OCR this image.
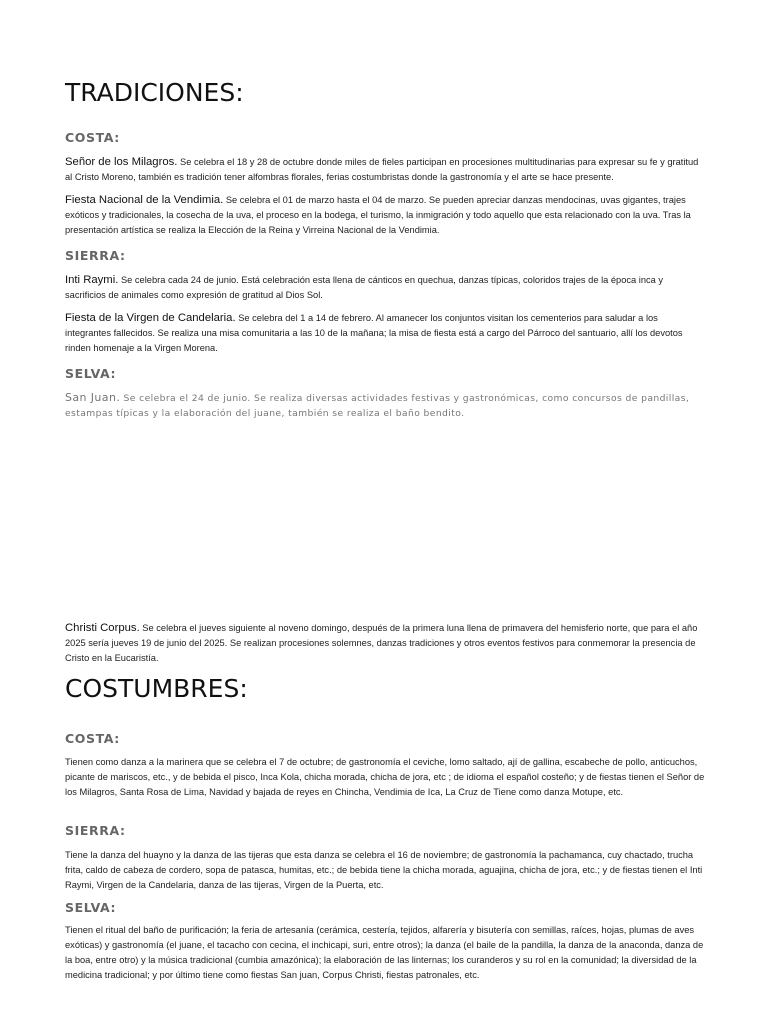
TRADICIONES:
COSTA:

Señor de los Milagros. Se celebra el 18 y 28 de octubre donde miles de fieles participan en procesiones multitudinarias para expresar su fe y gratitud al Cristo Moreno, también es tradición tener alfombras florales, ferias costumbristas donde la gastronomía y el arte se hace presente.

Fiesta Nacional de la Vendimia. Se celebra el 01 de marzo hasta el 04 de marzo. Se pueden apreciar danzas mendocinas, uvas gigantes, trajes exóticos y tradicionales, la cosecha de la uva, el proceso en la bodega, el turismo, la inmigración y todo aquello que esta relacionado con la uva. Tras la presentación artística se realiza la Elección de la Reina y Virreina Nacional de la Vendimia.

SIERRA:

Inti Raymi. Se celebra cada 24 de junio. Está celebración esta llena de cánticos en quechua, danzas típicas, coloridos trajes de la época inca y sacrificios de animales como expresión de gratitud al Dios Sol.

Fiesta de la Virgen de Candelaria. Se celebra del 1 a 14 de febrero. Al amanecer los conjuntos visitan los cementerios para saludar a los integrantes fallecidos. Se realiza una misa comunitaria a las 10 de la mañana; la misa de fiesta está a cargo del Párroco del santuario, allí los devotos rinden homenaje a la Virgen Morena.

SELVA:

San Juan. Se celebra el 24 de junio. Se realiza diversas actividades festivas y gastronómicas, como concursos de pandillas, estampas típicas y la elaboración del juane, también se realiza el baño bendito.

Christi Corpus. Se celebra el jueves siguiente al noveno domingo, después de la primera luna llena de primavera del hemisferio norte, que para el año 2025 sería jueves 19 de junio del 2025. Se realizan procesiones solemnes, danzas tradiciones y otros eventos festivos para conmemorar la presencia de Cristo en la Eucaristía.

COSTUMBRES:
COSTA:

Tienen como danza a la marinera que se celebra el 7 de octubre; de gastronomía el ceviche, lomo saltado, ají de gallina, escabeche de pollo, anticuchos, picante de mariscos, etc., y de bebida el pisco, Inca Kola, chicha morada, chicha de jora, etc ; de idioma el español costeño; y de fiestas tienen el Señor de los Milagros, Santa Rosa de Lima, Navidad y bajada de reyes en Chincha, Vendimia de Ica, La Cruz de Tiene como danza Motupe, etc.

SIERRA:

Tiene la danza del huayno y la danza de las tijeras que esta danza se celebra el 16 de noviembre; de gastronomía la pachamanca, cuy chactado, trucha frita, caldo de cabeza de cordero, sopa de patasca, humitas, etc.; de bebida tiene la chicha morada, aguajina, chicha de jora, etc.; y de fiestas tienen el Inti Raymi, Virgen de la Candelaria, danza de las tijeras, Virgen de la Puerta, etc.

SELVA:

Tienen el ritual del baño de purificación; la feria de artesanía (cerámica, cestería, tejidos, alfarería y bisutería con semillas, raíces, hojas, plumas de aves exóticas) y gastronomía (el juane, el tacacho con cecina, el inchicapi, suri, entre otros); la danza (el baile de la pandilla, la danza de la anaconda, danza de la boa, entre otro) y la música tradicional (cumbia amazónica); la elaboración de las linternas; los curanderos y su rol en la comunidad; la diversidad de la medicina tradicional; y por último tiene como fiestas San juan, Corpus Christi, fiestas patronales, etc.
